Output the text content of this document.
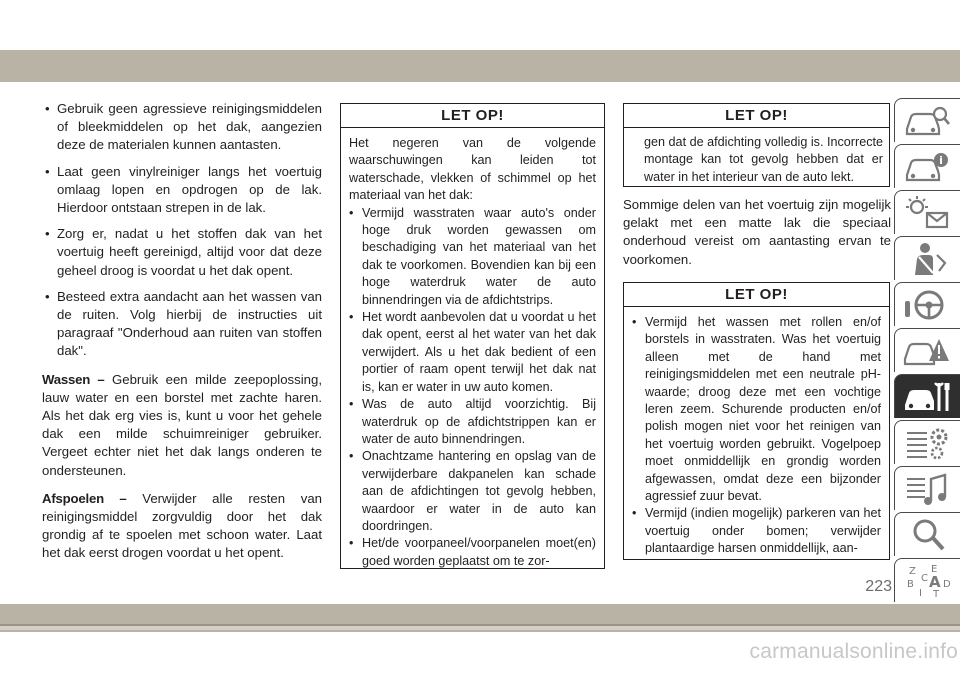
• Gebruik geen agressieve reinigingsmiddelen of bleekmiddelen op het dak, aangezien deze de materialen kunnen aantasten.
• Laat geen vinylreiniger langs het voertuig omlaag lopen en opdrogen op de lak. Hierdoor ontstaan strepen in de lak.
• Zorg er, nadat u het stoffen dak van het voertuig heeft gereinigd, altijd voor dat deze geheel droog is voordat u het dak opent.
• Besteed extra aandacht aan het wassen van de ruiten. Volg hierbij de instructies uit paragraaf "Onderhoud aan ruiten van stoffen dak".

Wassen – Gebruik een milde zeepoplossing, lauw water en een borstel met zachte haren. Als het dak erg vies is, kunt u voor het gehele dak een milde schuimreiniger gebruiker. Vergeet echter niet het dak langs onderen te ondersteunen.

Afspoelen – Verwijder alle resten van reinigingsmiddel zorgvuldig door het dak grondig af te spoelen met schoon water. Laat het dak eerst drogen voordat u het opent.

LET OP!
Het negeren van de volgende waarschuwingen kan leiden tot waterschade, vlekken of schimmel op het materiaal van het dak:
• Vermijd wasstraten waar auto's onder hoge druk worden gewassen om beschadiging van het materiaal van het dak te voorkomen. Bovendien kan bij een hoge waterdruk water de auto binnendringen via de afdichtstrips.
• Het wordt aanbevolen dat u voordat u het dak opent, eerst al het water van het dak verwijdert. Als u het dak bedient of een portier of raam opent terwijl het dak nat is, kan er water in uw auto komen.
• Was de auto altijd voorzichtig. Bij waterdruk op de afdichtstrippen kan er water de auto binnendringen.
• Onachtzame hantering en opslag van de verwijderbare dakpanelen kan schade aan de afdichtingen tot gevolg hebben, waardoor er water in de auto kan doordringen.
• Het/de voorpaneel/voorpanelen moet(en) goed worden geplaatst om te zor-
LET OP!
gen dat de afdichting volledig is. Incorrecte montage kan tot gevolg hebben dat er water in het interieur van de auto lekt.
Sommige delen van het voertuig zijn mogelijk gelakt met een matte lak die speciaal onderhoud vereist om aantasting ervan te voorkomen.
LET OP!
• Vermijd het wassen met rollen en/of borstels in wasstraten. Was het voertuig alleen met de hand met reinigingsmiddelen met een neutrale pH-waarde; droog deze met een vochtige leren zeem. Schurende producten en/of polish mogen niet voor het reinigen van het voertuig worden gebruikt. Vogelpoep moet onmiddellijk en grondig worden afgewassen, omdat deze een bijzonder agressief zuur bevat.
• Vermijd (indien mogelijk) parkeren van het voertuig onder bomen; verwijder plantaardige harsen onmiddellijk, aan-
i
Z E
B A
C
D
I T
223
carmanualsonline.info
